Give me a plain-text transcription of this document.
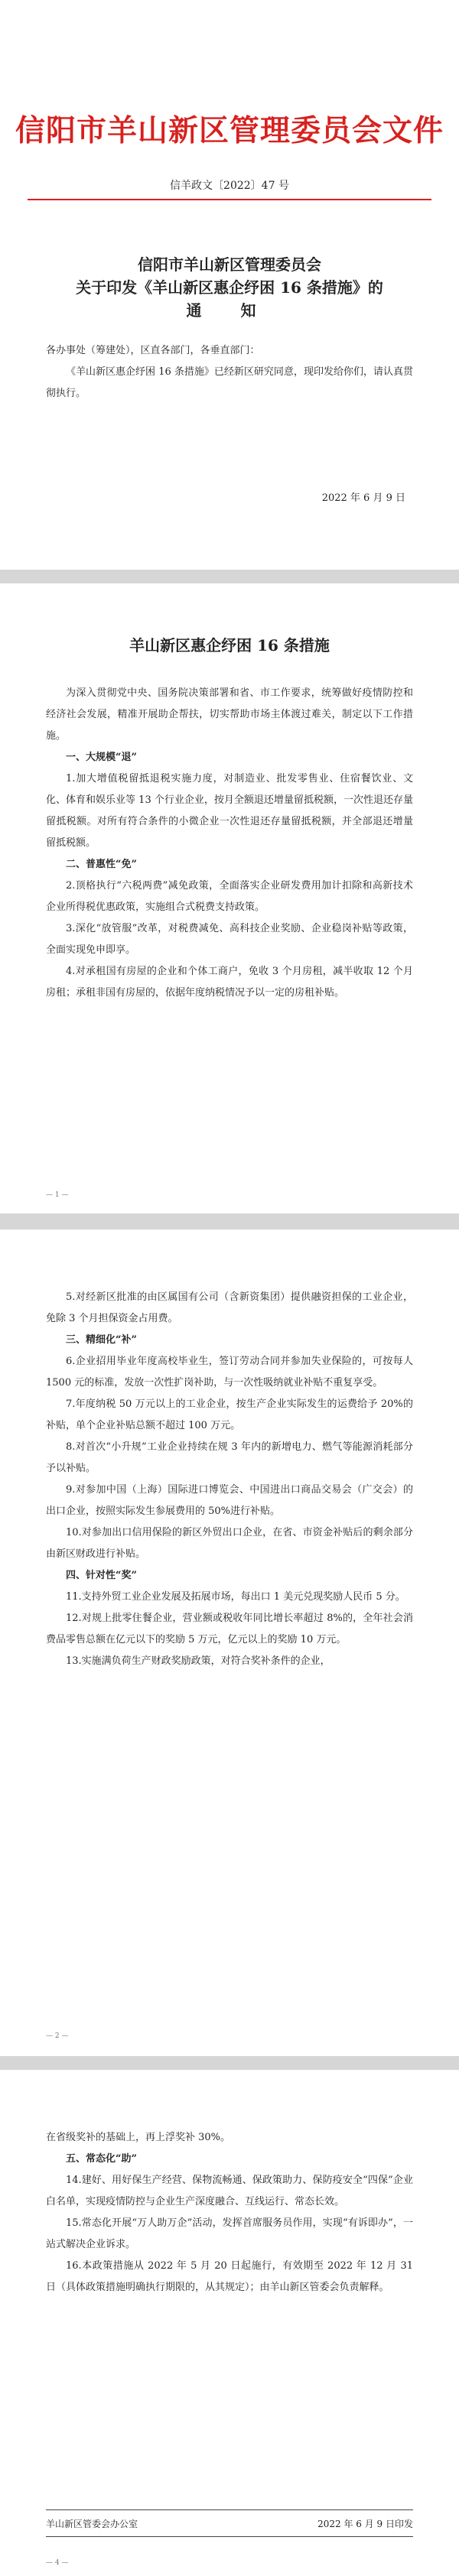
信阳市羊山新区管理委员会文件
信羊政文〔2022〕47 号
信阳市羊山新区管理委员会
关于印发《羊山新区惠企纾困 16 条措施》的
通 知

各办事处（筹建处），区直各部门，各垂直部门：

《羊山新区惠企纾困 16 条措施》已经新区研究同意，现印发给你们，请认真贯彻执行。

2022 年 6 月 9 日
羊山新区惠企纾困 16 条措施

为深入贯彻党中央、国务院决策部署和省、市工作要求，统筹做好疫情防控和经济社会发展，精准开展助企帮扶，切实帮助市场主体渡过难关，制定以下工作措施。

一、大规模“退”

1.加大增值税留抵退税实施力度，对制造业、批发零售业、住宿餐饮业、文化、体育和娱乐业等 13 个行业企业，按月全额退还增量留抵税额，一次性退还存量留抵税额。对所有符合条件的小微企业一次性退还存量留抵税额，并全部退还增量留抵税额。

二、普惠性“免”

2.顶格执行“六税两费”减免政策，全面落实企业研发费用加计扣除和高新技术企业所得税优惠政策，实施组合式税费支持政策。

3.深化“放管服”改革，对税费减免、高科技企业奖励、企业稳岗补贴等政策，全面实现免申即享。

4.对承租国有房屋的企业和个体工商户，免收 3 个月房租，减半收取 12 个月房租；承租非国有房屋的，依据年度纳税情况予以一定的房租补贴。

— 1 —

5.对经新区批准的由区属国有公司（含新资集团）提供融资担保的工业企业，免除 3 个月担保资金占用费。

三、精细化“补”

6.企业招用毕业年度高校毕业生，签订劳动合同并参加失业保险的，可按每人 1500 元的标准，发放一次性扩岗补助，与一次性吸纳就业补贴不重复享受。

7.年度纳税 50 万元以上的工业企业，按生产企业实际发生的运费给予 20%的补贴，单个企业补贴总额不超过 100 万元。

8.对首次“小升规”工业企业持续在规 3 年内的新增电力、燃气等能源消耗部分予以补贴。

9.对参加中国（上海）国际进口博览会、中国进出口商品交易会（广交会）的出口企业，按照实际发生参展费用的 50%进行补贴。

10.对参加出口信用保险的新区外贸出口企业，在省、市资金补贴后的剩余部分由新区财政进行补贴。

四、针对性“奖”

11.支持外贸工业企业发展及拓展市场，每出口 1 美元兑现奖励人民币 5 分。

12.对规上批零住餐企业，营业额或税收年同比增长率超过 8%的，全年社会消费品零售总额在亿元以下的奖励 5 万元，亿元以上的奖励 10 万元。

13.实施满负荷生产财政奖励政策，对符合奖补条件的企业，

— 2 —

在省级奖补的基础上，再上浮奖补 30%。

五、常态化“助”

14.建好、用好保生产经营、保物流畅通、保政策助力、保防疫安全“四保”企业白名单，实现疫情防控与企业生产深度融合、互线运行、常态长效。

15.常态化开展“万人助万企”活动，发挥首席服务员作用，实现“有诉即办”，一站式解决企业诉求。

16.本政策措施从 2022 年 5 月 20 日起施行，有效期至 2022 年 12 月 31 日（具体政策措施明确执行期限的，从其规定）；由羊山新区管委会负责解释。

羊山新区管委会办公室	2022 年 6 月 9 日印发
— 4 —
